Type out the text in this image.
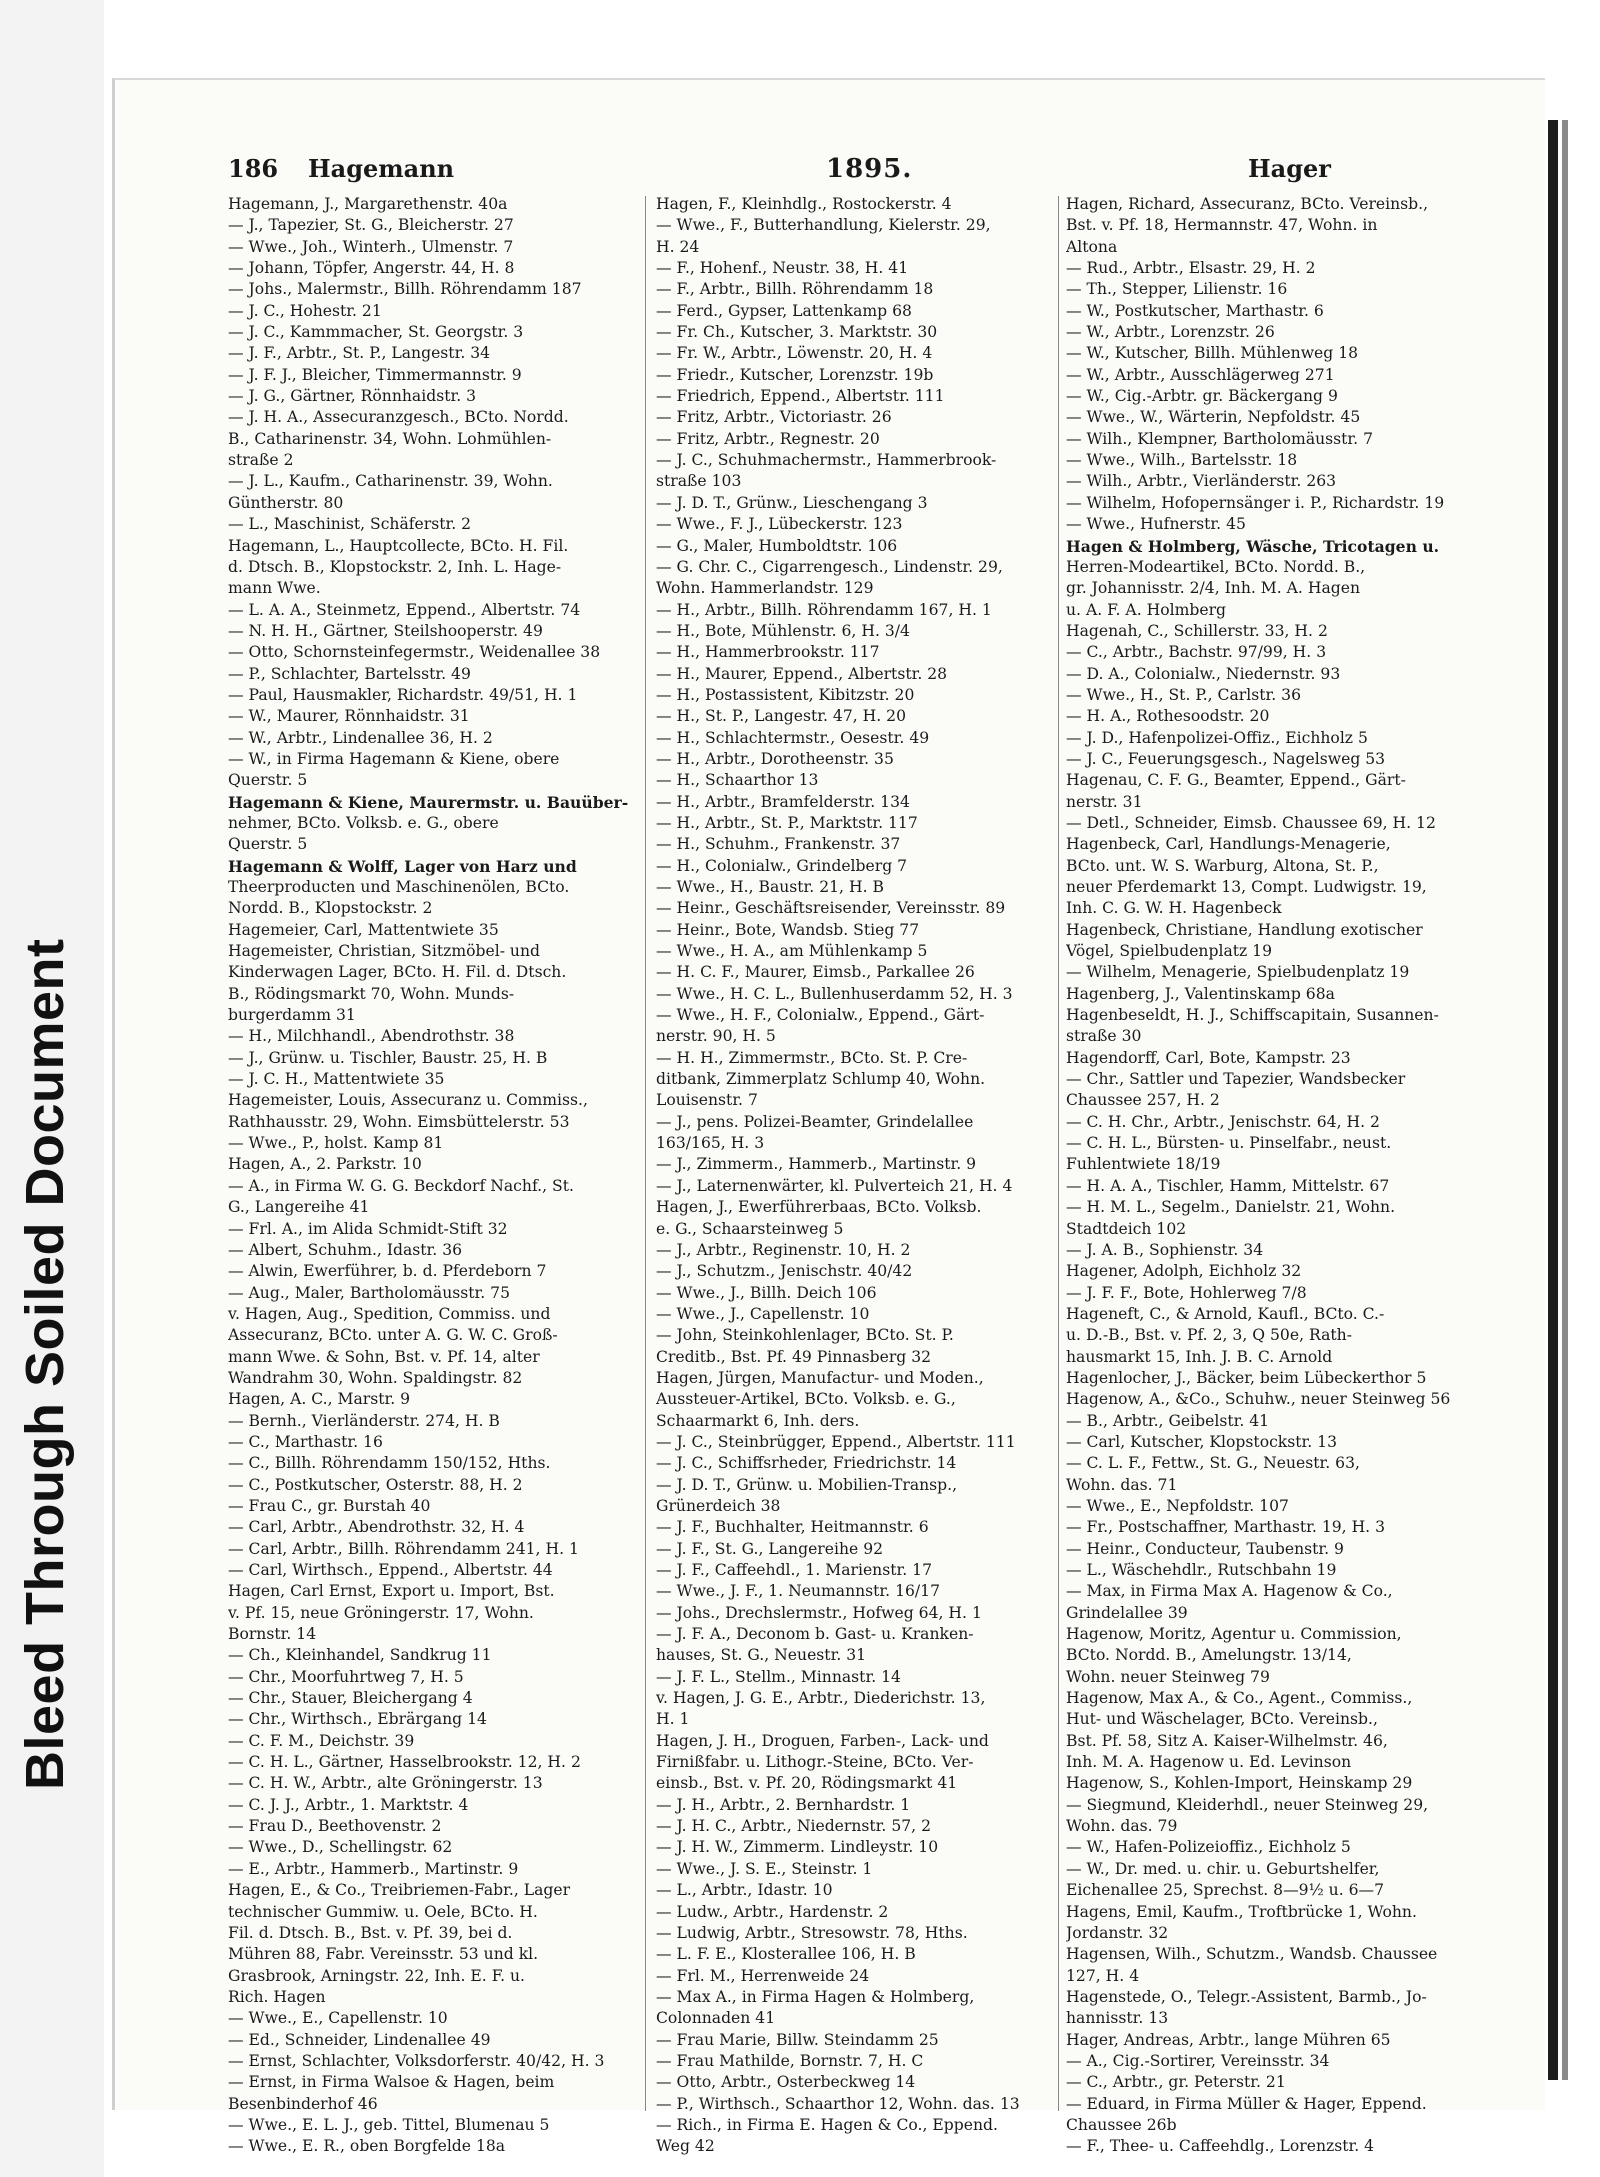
Bleed Through Soiled Document
186 Hagemann	1895.	Hager
Hagemann, J., Margarethenstr. 40a
— J., Tapezier, St. G., Bleicherstr. 27
— Wwe., Joh., Winterh., Ulmenstr. 7
— Johann, Töpfer, Angerstr. 44, H. 8
— Johs., Malermstr., Billh. Röhrendamm 187
— J. C., Hohestr. 21
— J. C., Kammmacher, St. Georgstr. 3
— J. F., Arbtr., St. P., Langestr. 34
— J. F. J., Bleicher, Timmermannstr. 9
— J. G., Gärtner, Rönnhaidstr. 3
— J. H. A., Assecuranzgesch., BCto. Nordd.
B., Catharinenstr. 34, Wohn. Lohmühlen-
straße 2
— J. L., Kaufm., Catharinenstr. 39, Wohn.
Güntherstr. 80
— L., Maschinist, Schäferstr. 2
Hagemann, L., Hauptcollecte, BCto. H. Fil.
d. Dtsch. B., Klopstockstr. 2, Inh. L. Hage-
mann Wwe.
— L. A. A., Steinmetz, Eppend., Albertstr. 74
— N. H. H., Gärtner, Steilshooperstr. 49
— Otto, Schornsteinfegermstr., Weidenallee 38
— P., Schlachter, Bartelsstr. 49
— Paul, Hausmakler, Richardstr. 49/51, H. 1
— W., Maurer, Rönnhaidstr. 31
— W., Arbtr., Lindenallee 36, H. 2
— W., in Firma Hagemann & Kiene, obere
Querstr. 5
Hagemann & Kiene, Maurermstr. u. Bauüber-
nehmer, BCto. Volksb. e. G., obere
Querstr. 5
Hagemann & Wolff, Lager von Harz und
Theerproducten und Maschinenölen, BCto.
Nordd. B., Klopstockstr. 2
Hagemeier, Carl, Mattentwiete 35
Hagemeister, Christian, Sitzmöbel- und
Kinderwagen Lager, BCto. H. Fil. d. Dtsch.
B., Rödingsmarkt 70, Wohn. Munds-
burgerdamm 31
— H., Milchhandl., Abendrothstr. 38
— J., Grünw. u. Tischler, Baustr. 25, H. B
— J. C. H., Mattentwiete 35
Hagemeister, Louis, Assecuranz u. Commiss.,
Rathhausstr. 29, Wohn. Eimsbüttelerstr. 53
— Wwe., P., holst. Kamp 81
Hagen, A., 2. Parkstr. 10
— A., in Firma W. G. G. Beckdorf Nachf., St.
G., Langereihe 41
— Frl. A., im Alida Schmidt-Stift 32
— Albert, Schuhm., Idastr. 36
— Alwin, Ewerführer, b. d. Pferdeborn 7
— Aug., Maler, Bartholomäusstr. 75
v. Hagen, Aug., Spedition, Commiss. und
Assecuranz, BCto. unter A. G. W. C. Groß-
mann Wwe. & Sohn, Bst. v. Pf. 14, alter
Wandrahm 30, Wohn. Spaldingstr. 82
Hagen, A. C., Marstr. 9
— Bernh., Vierländerstr. 274, H. B
— C., Marthastr. 16
— C., Billh. Röhrendamm 150/152, Hths.
— C., Postkutscher, Osterstr. 88, H. 2
— Frau C., gr. Burstah 40
— Carl, Arbtr., Abendrothstr. 32, H. 4
— Carl, Arbtr., Billh. Röhrendamm 241, H. 1
— Carl, Wirthsch., Eppend., Albertstr. 44
Hagen, Carl Ernst, Export u. Import, Bst.
v. Pf. 15, neue Gröningerstr. 17, Wohn.
Bornstr. 14
— Ch., Kleinhandel, Sandkrug 11
— Chr., Moorfuhrtweg 7, H. 5
— Chr., Stauer, Bleichergang 4
— Chr., Wirthsch., Ebrärgang 14
— C. F. M., Deichstr. 39
— C. H. L., Gärtner, Hasselbrookstr. 12, H. 2
— C. H. W., Arbtr., alte Gröningerstr. 13
— C. J. J., Arbtr., 1. Marktstr. 4
— Frau D., Beethovenstr. 2
— Wwe., D., Schellingstr. 62
— E., Arbtr., Hammerb., Martinstr. 9
Hagen, E., & Co., Treibriemen-Fabr., Lager
technischer Gummiw. u. Oele, BCto. H.
Fil. d. Dtsch. B., Bst. v. Pf. 39, bei d.
Mühren 88, Fabr. Vereinsstr. 53 und kl.
Grasbrook, Arningstr. 22, Inh. E. F. u.
Rich. Hagen
— Wwe., E., Capellenstr. 10
— Ed., Schneider, Lindenallee 49
— Ernst, Schlachter, Volksdorferstr. 40/42, H. 3
— Ernst, in Firma Walsoe & Hagen, beim
Besenbinderhof 46
— Wwe., E. L. J., geb. Tittel, Blumenau 5
— Wwe., E. R., oben Borgfelde 18a
Hagen, F., Kleinhdlg., Rostockerstr. 4
— Wwe., F., Butterhandlung, Kielerstr. 29,
H. 24
— F., Hohenf., Neustr. 38, H. 41
— F., Arbtr., Billh. Röhrendamm 18
— Ferd., Gypser, Lattenkamp 68
— Fr. Ch., Kutscher, 3. Marktstr. 30
— Fr. W., Arbtr., Löwenstr. 20, H. 4
— Friedr., Kutscher, Lorenzstr. 19b
— Friedrich, Eppend., Albertstr. 111
— Fritz, Arbtr., Victoriastr. 26
— Fritz, Arbtr., Regnestr. 20
— J. C., Schuhmachermstr., Hammerbrook-
straße 103
— J. D. T., Grünw., Lieschengang 3
— Wwe., F. J., Lübeckerstr. 123
— G., Maler, Humboldtstr. 106
— G. Chr. C., Cigarrengesch., Lindenstr. 29,
Wohn. Hammerlandstr. 129
— H., Arbtr., Billh. Röhrendamm 167, H. 1
— H., Bote, Mühlenstr. 6, H. 3/4
— H., Hammerbrookstr. 117
— H., Maurer, Eppend., Albertstr. 28
— H., Postassistent, Kibitzstr. 20
— H., St. P., Langestr. 47, H. 20
— H., Schlachtermstr., Oesestr. 49
— H., Arbtr., Dorotheenstr. 35
— H., Schaarthor 13
— H., Arbtr., Bramfelderstr. 134
— H., Arbtr., St. P., Marktstr. 117
— H., Schuhm., Frankenstr. 37
— H., Colonialw., Grindelberg 7
— Wwe., H., Baustr. 21, H. B
— Heinr., Geschäftsreisender, Vereinsstr. 89
— Heinr., Bote, Wandsb. Stieg 77
— Wwe., H. A., am Mühlenkamp 5
— H. C. F., Maurer, Eimsb., Parkallee 26
— Wwe., H. C. L., Bullenhuserdamm 52, H. 3
— Wwe., H. F., Colonialw., Eppend., Gärt-
nerstr. 90, H. 5
— H. H., Zimmermstr., BCto. St. P. Cre-
ditbank, Zimmerplatz Schlump 40, Wohn.
Louisenstr. 7
— J., pens. Polizei-Beamter, Grindelallee
163/165, H. 3
— J., Zimmerm., Hammerb., Martinstr. 9
— J., Laternenwärter, kl. Pulverteich 21, H. 4
Hagen, J., Ewerführerbaas, BCto. Volksb.
e. G., Schaarsteinweg 5
— J., Arbtr., Reginenstr. 10, H. 2
— J., Schutzm., Jenischstr. 40/42
— Wwe., J., Billh. Deich 106
— Wwe., J., Capellenstr. 10
— John, Steinkohlenlager, BCto. St. P.
Creditb., Bst. Pf. 49 Pinnasberg 32
Hagen, Jürgen, Manufactur- und Moden.,
Aussteuer-Artikel, BCto. Volksb. e. G.,
Schaarmarkt 6, Inh. ders.
— J. C., Steinbrügger, Eppend., Albertstr. 111
— J. C., Schiffsrheder, Friedrichstr. 14
— J. D. T., Grünw. u. Mobilien-Transp.,
Grünerdeich 38
— J. F., Buchhalter, Heitmannstr. 6
— J. F., St. G., Langereihe 92
— J. F., Caffeehdl., 1. Marienstr. 17
— Wwe., J. F., 1. Neumannstr. 16/17
— Johs., Drechslermstr., Hofweg 64, H. 1
— J. F. A., Deconom b. Gast- u. Kranken-
hauses, St. G., Neuestr. 31
— J. F. L., Stellm., Minnastr. 14
v. Hagen, J. G. E., Arbtr., Diederichstr. 13,
H. 1
Hagen, J. H., Droguen, Farben-, Lack- und
Firnißfabr. u. Lithogr.-Steine, BCto. Ver-
einsb., Bst. v. Pf. 20, Rödingsmarkt 41
— J. H., Arbtr., 2. Bernhardstr. 1
— J. H. C., Arbtr., Niedernstr. 57, 2
— J. H. W., Zimmerm. Lindleystr. 10
— Wwe., J. S. E., Steinstr. 1
— L., Arbtr., Idastr. 10
— Ludw., Arbtr., Hardenstr. 2
— Ludwig, Arbtr., Stresowstr. 78, Hths.
— L. F. E., Klosterallee 106, H. B
— Frl. M., Herrenweide 24
— Max A., in Firma Hagen & Holmberg,
Colonnaden 41
— Frau Marie, Billw. Steindamm 25
— Frau Mathilde, Bornstr. 7, H. C
— Otto, Arbtr., Osterbeckweg 14
— P., Wirthsch., Schaarthor 12, Wohn. das. 13
— Rich., in Firma E. Hagen & Co., Eppend.
Weg 42
Hagen, Richard, Assecuranz, BCto. Vereinsb.,
Bst. v. Pf. 18, Hermannstr. 47, Wohn. in
Altona
— Rud., Arbtr., Elsastr. 29, H. 2
— Th., Stepper, Lilienstr. 16
— W., Postkutscher, Marthastr. 6
— W., Arbtr., Lorenzstr. 26
— W., Kutscher, Billh. Mühlenweg 18
— W., Arbtr., Ausschlägerweg 271
— W., Cig.-Arbtr. gr. Bäckergang 9
— Wwe., W., Wärterin, Nepfoldstr. 45
— Wilh., Klempner, Bartholomäusstr. 7
— Wwe., Wilh., Bartelsstr. 18
— Wilh., Arbtr., Vierländerstr. 263
— Wilhelm, Hofopernsänger i. P., Richardstr. 19
— Wwe., Hufnerstr. 45
Hagen & Holmberg, Wäsche, Tricotagen u.
Herren-Modeartikel, BCto. Nordd. B.,
gr. Johannisstr. 2/4, Inh. M. A. Hagen
u. A. F. A. Holmberg
Hagenah, C., Schillerstr. 33, H. 2
— C., Arbtr., Bachstr. 97/99, H. 3
— D. A., Colonialw., Niedernstr. 93
— Wwe., H., St. P., Carlstr. 36
— H. A., Rothesoodstr. 20
— J. D., Hafenpolizei-Offiz., Eichholz 5
— J. C., Feuerungsgesch., Nagelsweg 53
Hagenau, C. F. G., Beamter, Eppend., Gärt-
nerstr. 31
— Detl., Schneider, Eimsb. Chaussee 69, H. 12
Hagenbeck, Carl, Handlungs-Menagerie,
BCto. unt. W. S. Warburg, Altona, St. P.,
neuer Pferdemarkt 13, Compt. Ludwigstr. 19,
Inh. C. G. W. H. Hagenbeck
Hagenbeck, Christiane, Handlung exotischer
Vögel, Spielbudenplatz 19
— Wilhelm, Menagerie, Spielbudenplatz 19
Hagenberg, J., Valentinskamp 68a
Hagenbeseldt, H. J., Schiffscapitain, Susannen-
straße 30
Hagendorff, Carl, Bote, Kampstr. 23
— Chr., Sattler und Tapezier, Wandsbecker
Chaussee 257, H. 2
— C. H. Chr., Arbtr., Jenischstr. 64, H. 2
— C. H. L., Bürsten- u. Pinselfabr., neust.
Fuhlentwiete 18/19
— H. A. A., Tischler, Hamm, Mittelstr. 67
— H. M. L., Segelm., Danielstr. 21, Wohn.
Stadtdeich 102
— J. A. B., Sophienstr. 34
Hagener, Adolph, Eichholz 32
— J. F. F., Bote, Hohlerweg 7/8
Hageneft, C., & Arnold, Kaufl., BCto. C.-
u. D.-B., Bst. v. Pf. 2, 3, Q 50e, Rath-
hausmarkt 15, Inh. J. B. C. Arnold
Hagenlocher, J., Bäcker, beim Lübeckerthor 5
Hagenow, A., &Co., Schuhw., neuer Steinweg 56
— B., Arbtr., Geibelstr. 41
— Carl, Kutscher, Klopstockstr. 13
— C. L. F., Fettw., St. G., Neuestr. 63,
Wohn. das. 71
— Wwe., E., Nepfoldstr. 107
— Fr., Postschaffner, Marthastr. 19, H. 3
— Heinr., Conducteur, Taubenstr. 9
— L., Wäschehdlr., Rutschbahn 19
— Max, in Firma Max A. Hagenow & Co.,
Grindelallee 39
Hagenow, Moritz, Agentur u. Commission,
BCto. Nordd. B., Amelungstr. 13/14,
Wohn. neuer Steinweg 79
Hagenow, Max A., & Co., Agent., Commiss.,
Hut- und Wäschelager, BCto. Vereinsb.,
Bst. Pf. 58, Sitz A. Kaiser-Wilhelmstr. 46,
Inh. M. A. Hagenow u. Ed. Levinson
Hagenow, S., Kohlen-Import, Heinskamp 29
— Siegmund, Kleiderhdl., neuer Steinweg 29,
Wohn. das. 79
— W., Hafen-Polizeioffiz., Eichholz 5
— W., Dr. med. u. chir. u. Geburtshelfer,
Eichenallee 25, Sprechst. 8—9½ u. 6—7
Hagens, Emil, Kaufm., Troftbrücke 1, Wohn.
Jordanstr. 32
Hagensen, Wilh., Schutzm., Wandsb. Chaussee
127, H. 4
Hagenstede, O., Telegr.-Assistent, Barmb., Jo-
hannisstr. 13
Hager, Andreas, Arbtr., lange Mühren 65
— A., Cig.-Sortirer, Vereinsstr. 34
— C., Arbtr., gr. Peterstr. 21
— Eduard, in Firma Müller & Hager, Eppend.
Chaussee 26b
— F., Thee- u. Caffeehdlg., Lorenzstr. 4
